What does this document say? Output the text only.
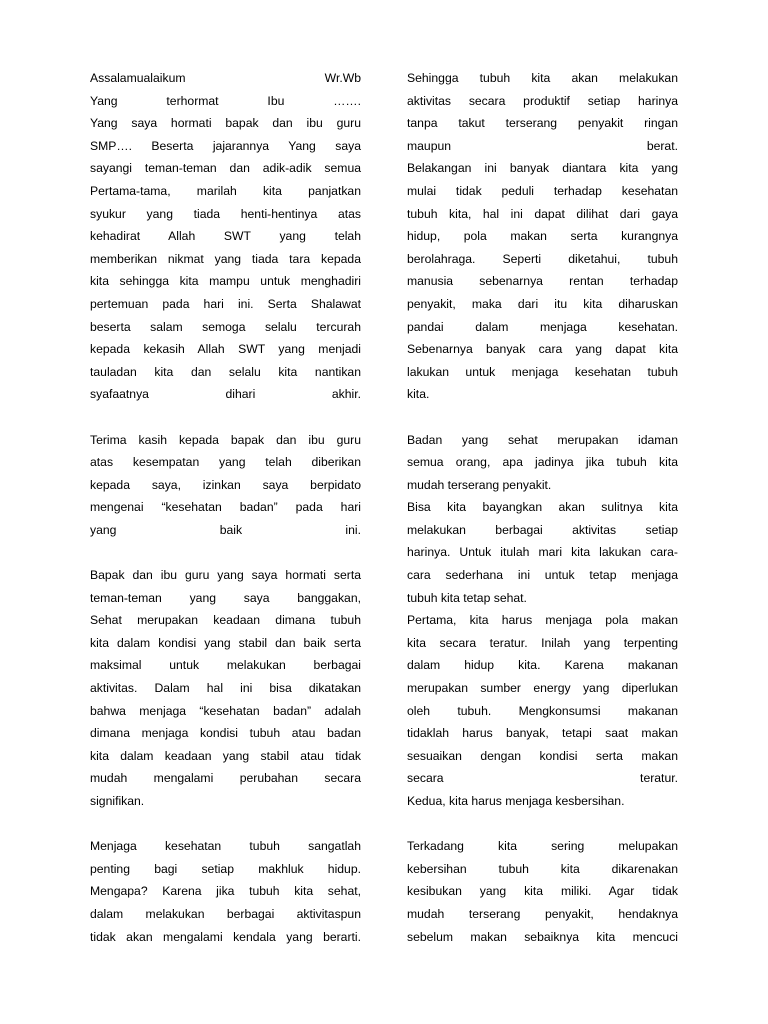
Assalamualaikum Wr.Wb
Yang terhormat Ibu …….
Yang saya hormati bapak dan ibu guru
SMP…. Beserta jajarannya Yang saya
sayangi teman-teman dan adik-adik semua
Pertama-tama, marilah kita panjatkan
syukur yang tiada henti-hentinya atas
kehadirat Allah SWT yang telah
memberikan nikmat yang tiada tara kepada
kita sehingga kita mampu untuk menghadiri
pertemuan pada hari ini. Serta Shalawat
beserta salam semoga selalu tercurah
kepada kekasih Allah SWT yang menjadi
tauladan kita dan selalu kita nantikan
syafaatnya dihari akhir.
Terima kasih kepada bapak dan ibu guru
atas kesempatan yang telah diberikan
kepada saya, izinkan saya berpidato
mengenai “kesehatan badan” pada hari
yang baik ini.
Bapak dan ibu guru yang saya hormati serta
teman-teman yang saya banggakan,
Sehat merupakan keadaan dimana tubuh
kita dalam kondisi yang stabil dan baik serta
maksimal untuk melakukan berbagai
aktivitas. Dalam hal ini bisa dikatakan
bahwa menjaga “kesehatan badan” adalah
dimana menjaga kondisi tubuh atau badan
kita dalam keadaan yang stabil atau tidak
mudah mengalami perubahan secara
signifikan.
Menjaga kesehatan tubuh sangatlah
penting bagi setiap makhluk hidup.
Mengapa? Karena jika tubuh kita sehat,
dalam melakukan berbagai aktivitaspun
tidak akan mengalami kendala yang berarti.
Sehingga tubuh kita akan melakukan
aktivitas secara produktif setiap harinya
tanpa takut terserang penyakit ringan
maupun berat.
Belakangan ini banyak diantara kita yang
mulai tidak peduli terhadap kesehatan
tubuh kita, hal ini dapat dilihat dari gaya
hidup, pola makan serta kurangnya
berolahraga. Seperti diketahui, tubuh
manusia sebenarnya rentan terhadap
penyakit, maka dari itu kita diharuskan
pandai dalam menjaga kesehatan.
Sebenarnya banyak cara yang dapat kita
lakukan untuk menjaga kesehatan tubuh
kita.
Badan yang sehat merupakan idaman
semua orang, apa jadinya jika tubuh kita
mudah terserang penyakit.
Bisa kita bayangkan akan sulitnya kita
melakukan berbagai aktivitas setiap
harinya. Untuk itulah mari kita lakukan cara-
cara sederhana ini untuk tetap menjaga
tubuh kita tetap sehat.
Pertama, kita harus menjaga pola makan
kita secara teratur. Inilah yang terpenting
dalam hidup kita. Karena makanan
merupakan sumber energy yang diperlukan
oleh tubuh. Mengkonsumsi makanan
tidaklah harus banyak, tetapi saat makan
sesuaikan dengan kondisi serta makan
secara teratur.
Kedua, kita harus menjaga kesbersihan.
Terkadang kita sering melupakan
kebersihan tubuh kita dikarenakan
kesibukan yang kita miliki. Agar tidak
mudah terserang penyakit, hendaknya
sebelum makan sebaiknya kita mencuci
